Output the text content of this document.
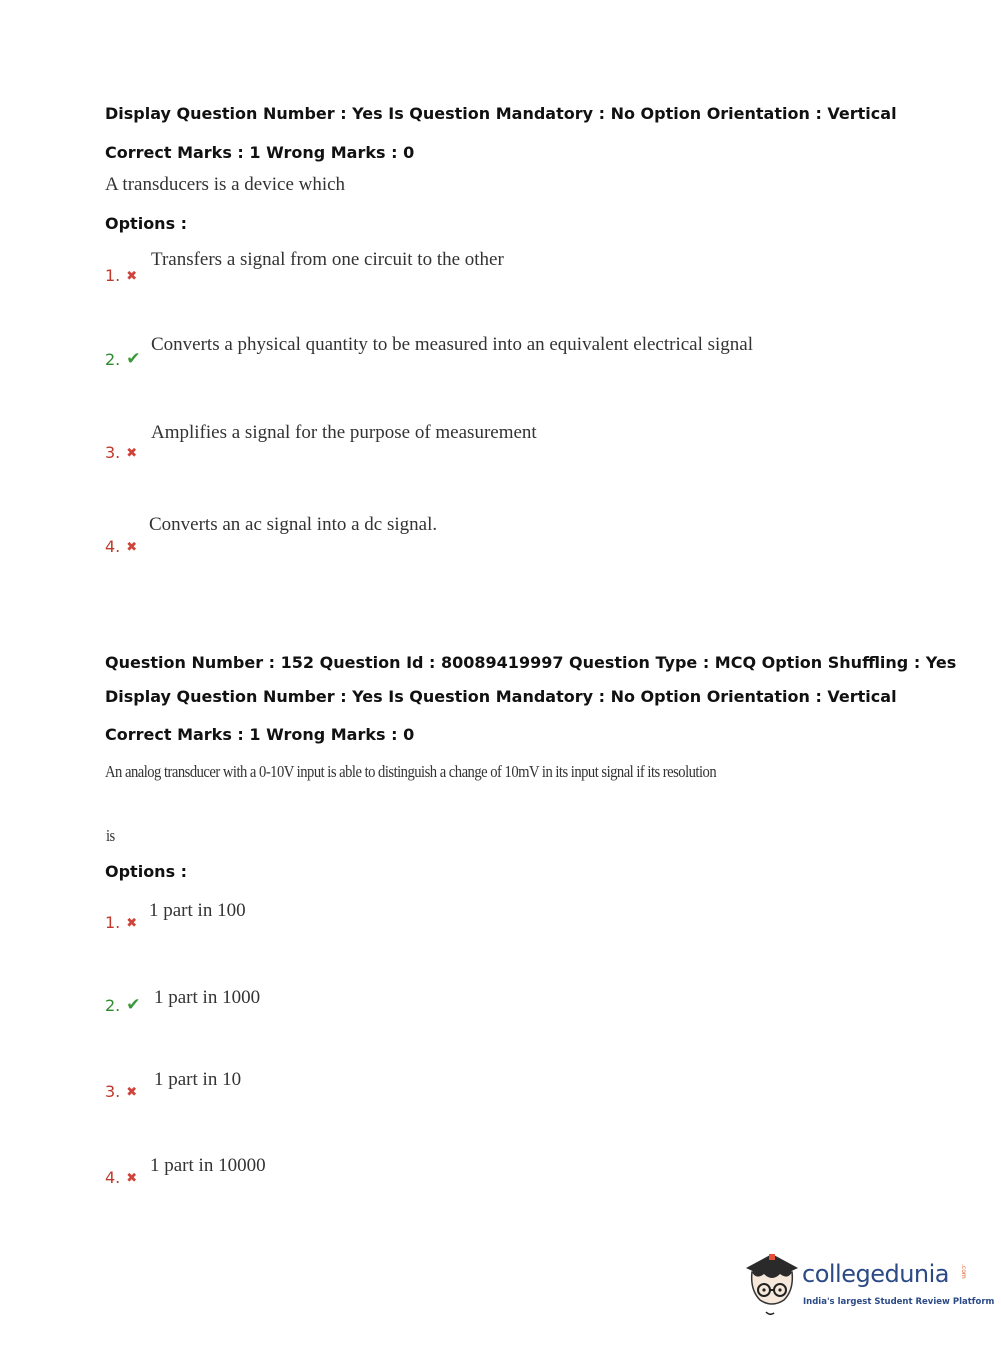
Display Question Number : Yes Is Question Mandatory : No Option Orientation : Vertical
Correct Marks : 1 Wrong Marks : 0
A transducers is a device which
Options :
1. ✖
Transfers a signal from one circuit to the other
2. ✔
Converts a physical quantity to be measured into an equivalent electrical signal
3. ✖
Amplifies a signal for the purpose of measurement
4. ✖
Converts an ac signal into a dc signal.
Question Number : 152 Question Id : 80089419997 Question Type : MCQ Option Shuffling : Yes
Display Question Number : Yes Is Question Mandatory : No Option Orientation : Vertical
Correct Marks : 1 Wrong Marks : 0
An analog transducer with a 0-10V input is able to distinguish a change of 10mV in its input signal if its resolution
is
Options :
1. ✖
1 part in 100
2. ✔ 1 part in 1000
3. ✖
1 part in 10
4. ✖
1 part in 10000
collegedunia .com
India's largest Student Review Platform
